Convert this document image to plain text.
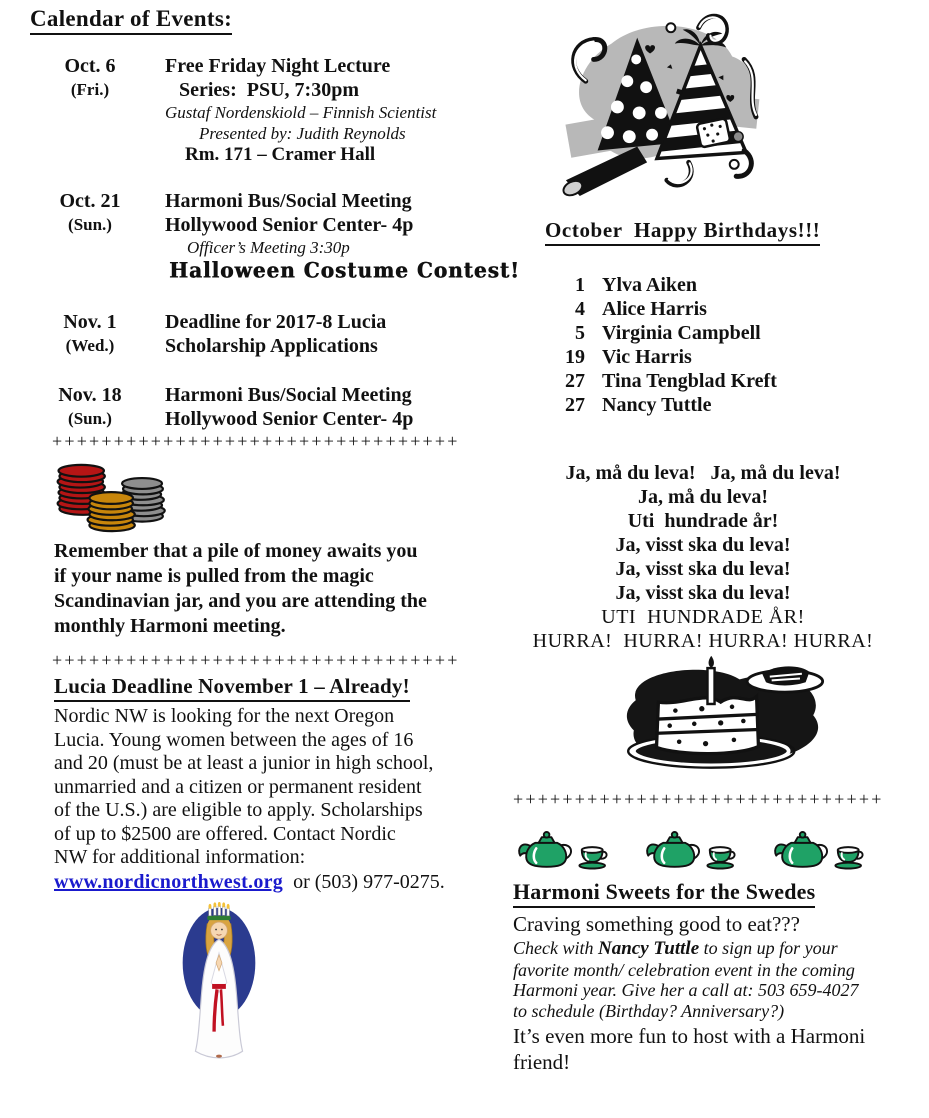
Calendar of Events:
Oct. 6
(Fri.)
Free Friday Night Lecture
Series:  PSU, 7:30pm
Gustaf Nordenskiold – Finnish Scientist
Presented by: Judith Reynolds
Rm. 171 – Cramer Hall
Oct. 21
(Sun.)
Harmoni Bus/Social Meeting
Hollywood Senior Center- 4p
Officer’s Meeting 3:30p
Halloween Costume Contest!
Nov. 1
(Wed.)
Deadline for 2017-8 Lucia
Scholarship Applications
Nov. 18
(Sun.)
Harmoni Bus/Social Meeting
Hollywood Senior Center- 4p
+++++++++++++++++++++++++++++++++
Remember that a pile of money awaits you
if your name is pulled from the magic
Scandinavian jar, and you are attending the
monthly Harmoni meeting.
+++++++++++++++++++++++++++++++++
Lucia Deadline November 1 – Already!
Nordic NW is looking for the next Oregon
Lucia. Young women between the ages of 16
and 20 (must be at least a junior in high school,
unmarried and a citizen or permanent resident
of the U.S.) are eligible to apply. Scholarships
of up to $2500 are offered. Contact Nordic
NW for additional information:
www.nordicnorthwest.org  or (503) 977-0275.
October  Happy Birthdays!!!
1 Ylva Aiken
4 Alice Harris
5 Virginia Campbell
19 Vic Harris
27 Tina Tengblad Kreft
27 Nancy Tuttle
Ja, må du leva!   Ja, må du leva!
Ja, må du leva!
Uti  hundrade år!
Ja, visst ska du leva!
Ja, visst ska du leva!
Ja, visst ska du leva!
UTI  HUNDRADE ÅR!
HURRA!  HURRA! HURRA! HURRA!
++++++++++++++++++++++++++++++
Harmoni Sweets for the Swedes
Craving something good to eat???
Check with Nancy Tuttle to sign up for your
favorite month/ celebration event in the coming
Harmoni year. Give her a call at: 503 659-4027
to schedule (Birthday? Anniversary?)
It’s even more fun to host with a Harmoni
friend!
